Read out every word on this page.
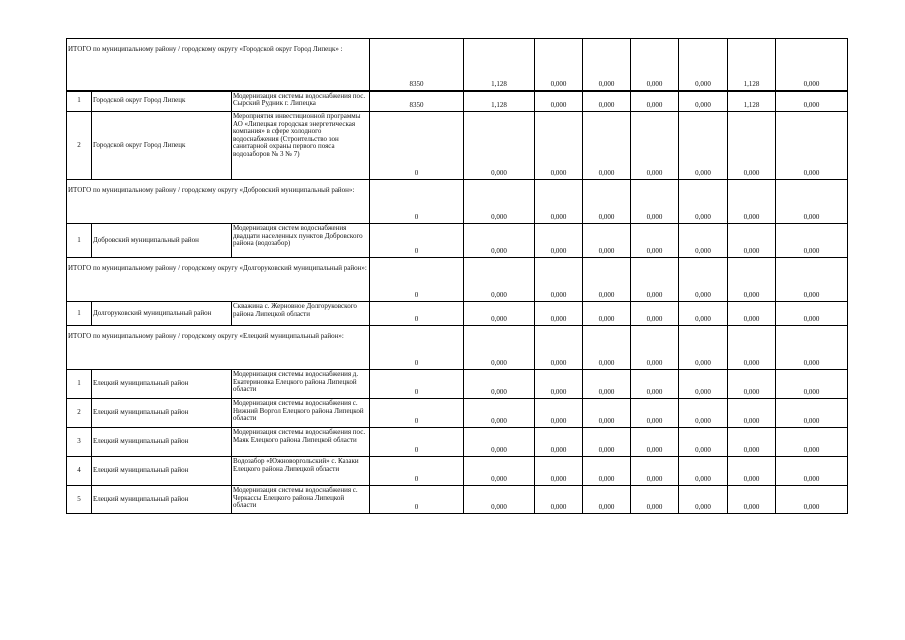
ИТОГО по муниципальному району / городскому округу «Городской округ Город Липецк» :			8350	1,128	0,000	0,000	0,000	0,000	1,128	0,000
1	Городской округ Город Липецк	Модернизация системы водоснабжения пос. Сырский Рудник г. Липецка	8350	1,128	0,000	0,000	0,000	0,000	1,128	0,000
2	Городской округ Город Липецк	Мероприятия инвестиционной программы АО «Липецкая городская энергетическая компания» в сфере холодного водоснабжения (Строительство зон санитарной охраны первого пояса водозаборов № 3 № 7)	0	0,000	0,000	0,000	0,000	0,000	0,000	0,000
ИТОГО по муниципальному району / городскому округу «Добровский муниципальный район»:			0	0,000	0,000	0,000	0,000	0,000	0,000	0,000
1	Добровский муниципальный район	Модернизация систем водоснабжения двадцати населенных пунктов Добровского района (водозабор)	0	0,000	0,000	0,000	0,000	0,000	0,000	0,000
ИТОГО по муниципальному району / городскому округу «Долгоруковский муниципальный район»:			0	0,000	0,000	0,000	0,000	0,000	0,000	0,000
1	Долгоруковский муниципальный район	Скважина с. Жерновное Долгоруковского района Липецкой области	0	0,000	0,000	0,000	0,000	0,000	0,000	0,000
ИТОГО по муниципальному району / городскому округу «Елецкий муниципальный район»:			0	0,000	0,000	0,000	0,000	0,000	0,000	0,000
1	Елецкий муниципальный район	Модернизация системы водоснабжения д. Екатериновка Елецкого района Липецкой области	0	0,000	0,000	0,000	0,000	0,000	0,000	0,000
2	Елецкий муниципальный район	Модернизация системы водоснабжения с. Нижний Воргол Елецкого района Липецкой области	0	0,000	0,000	0,000	0,000	0,000	0,000	0,000
3	Елецкий муниципальный район	Модернизация системы водоснабжения пос. Маяк Елецкого района Липецкой области	0	0,000	0,000	0,000	0,000	0,000	0,000	0,000
4	Елецкий муниципальный район	Водозабор «Южноворгольский» с. Казаки Елецкого района Липецкой области	0	0,000	0,000	0,000	0,000	0,000	0,000	0,000
5	Елецкий муниципальный район	Модернизация системы водоснабжения с. Черкассы Елецкого района Липецкой области	0	0,000	0,000	0,000	0,000	0,000	0,000	0,000
